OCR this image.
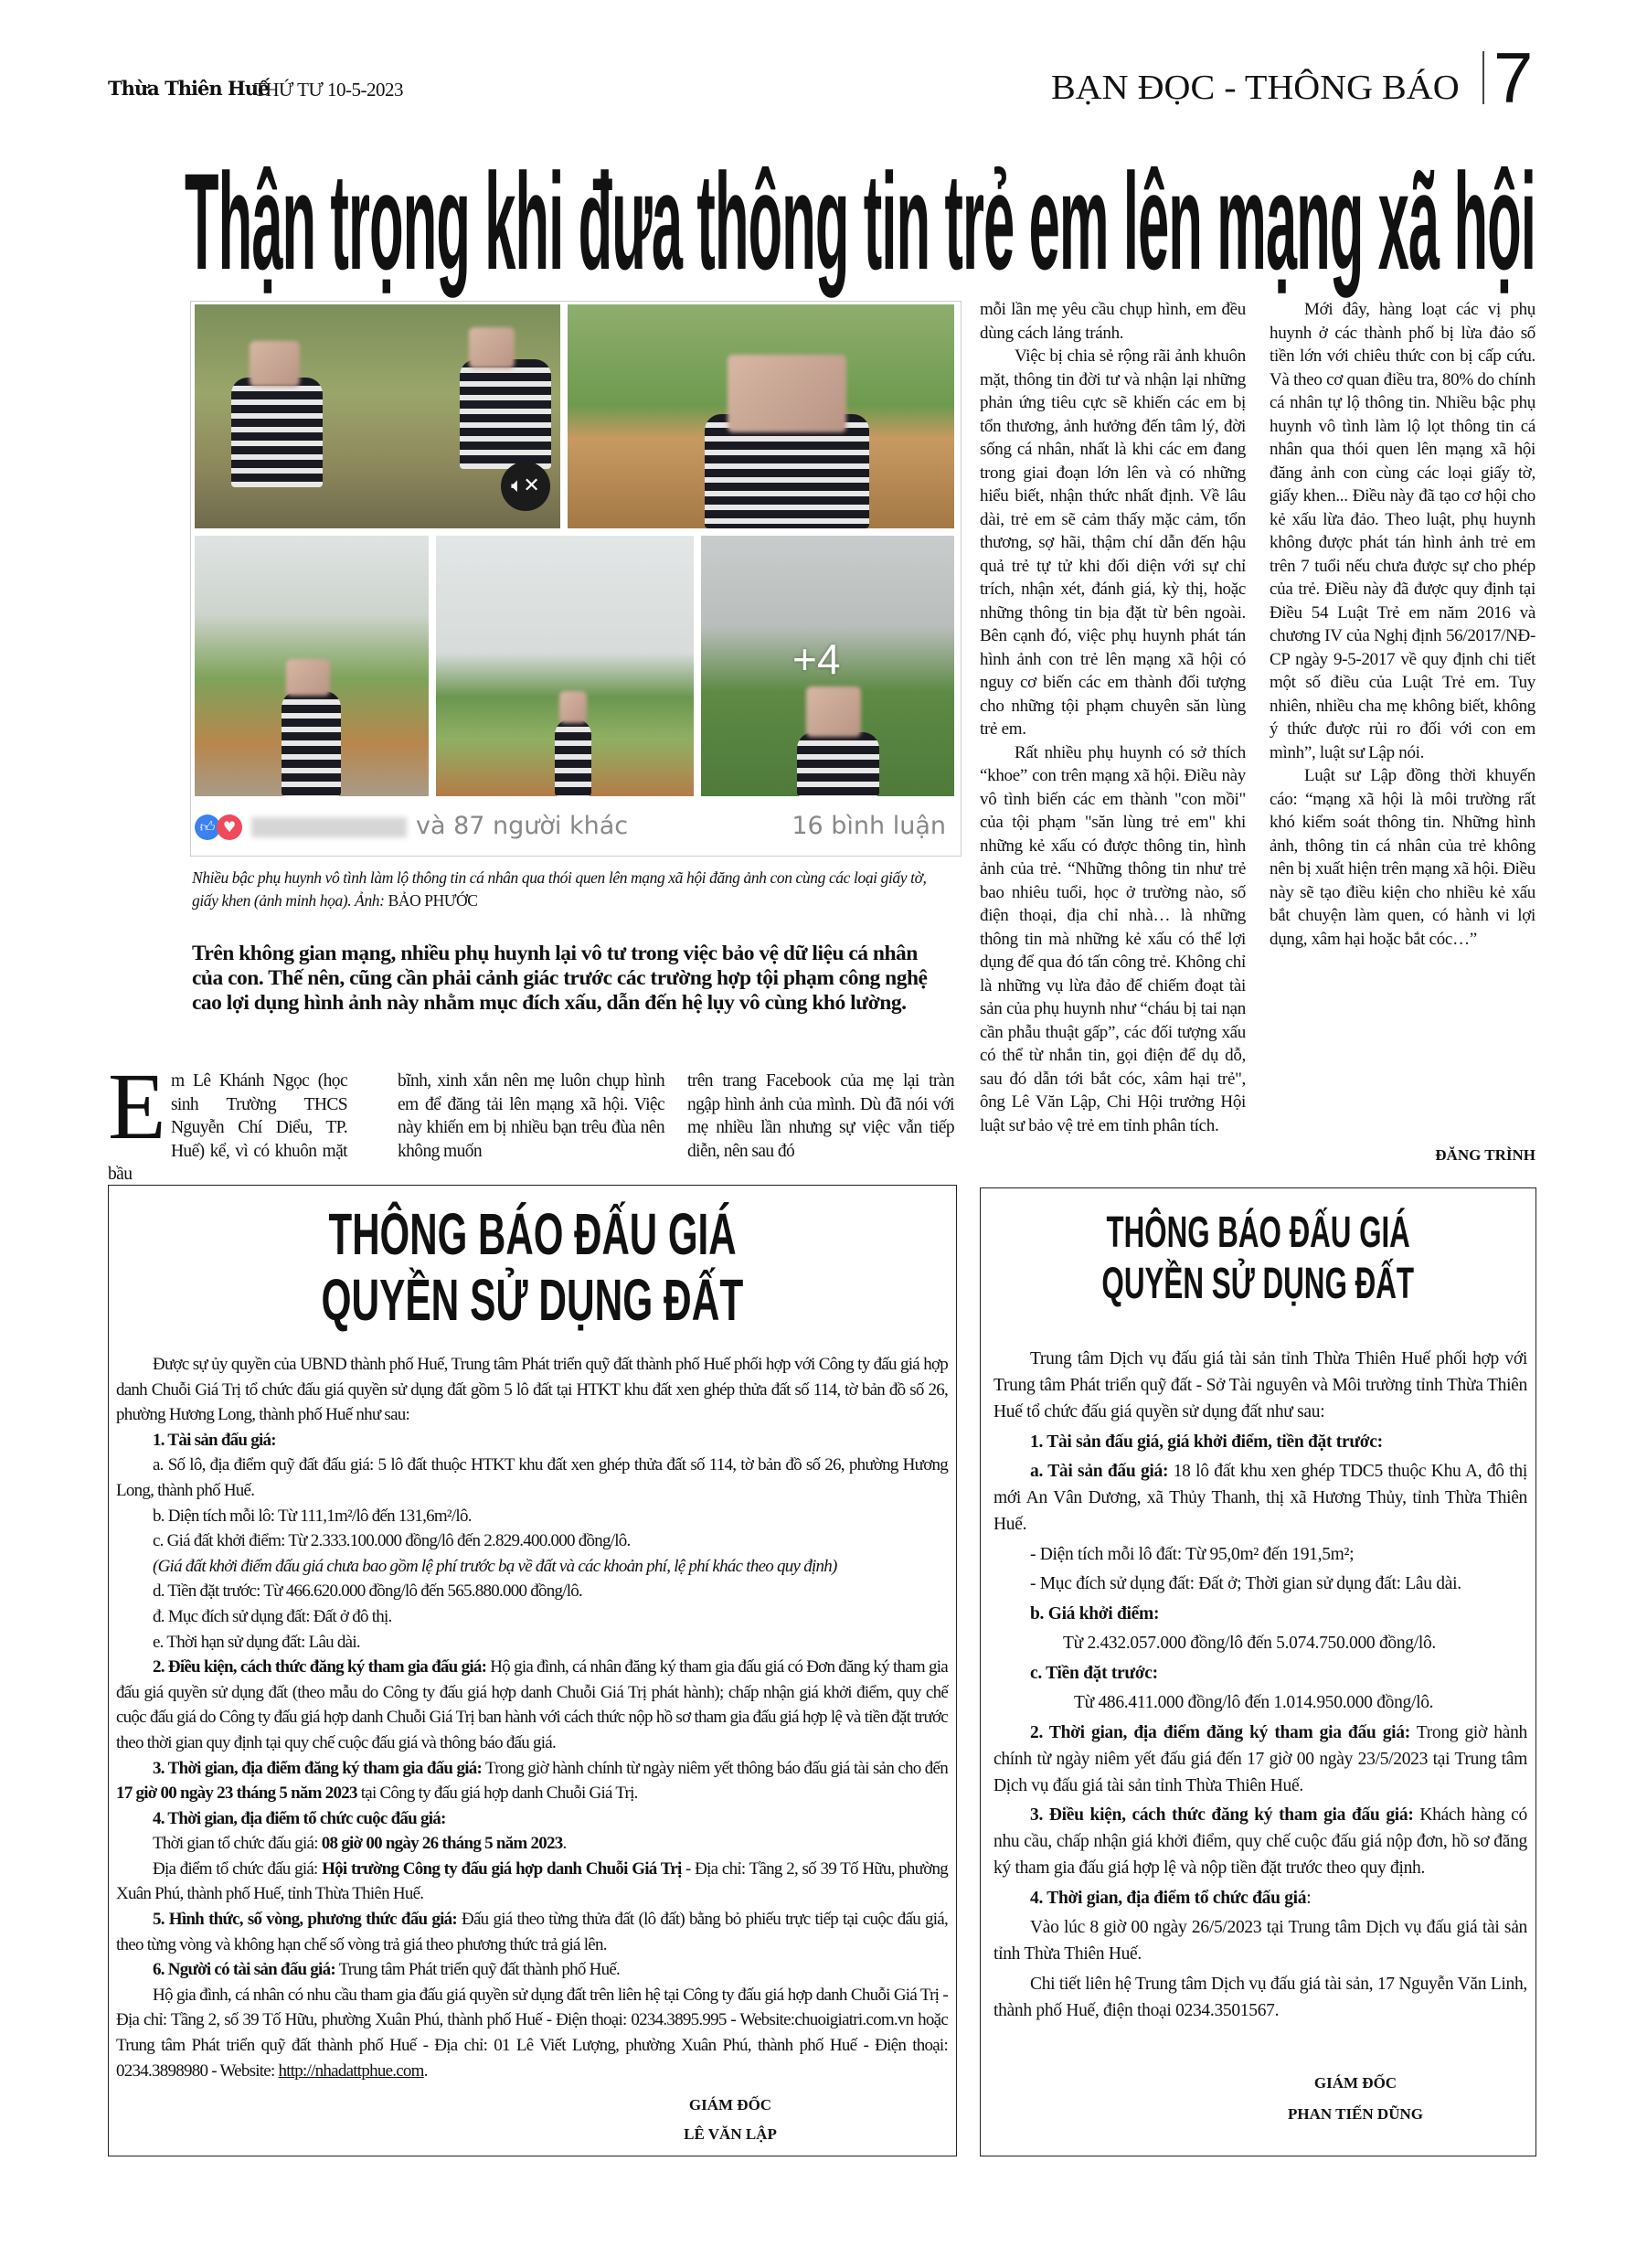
Thừa Thiên Huế
THỨ TƯ 10-5-2023	BẠN ĐỌC - THÔNG BÁO 7
Thận trọng khi đưa thông tin trẻ em lên mạng xã hội
🔈︎✕
+4
👍︎ ♥	và 87 người khác	16 bình luận
Nhiều bậc phụ huynh vô tình làm lộ thông tin cá nhân qua thói quen lên mạng xã hội đăng ảnh con cùng các loại giấy tờ, giấy khen (ảnh minh họa). Ảnh: BẢO PHƯỚC
Trên không gian mạng, nhiều phụ huynh lại vô tư trong việc bảo vệ dữ liệu cá nhân của con. Thế nên, cũng cần phải cảnh giác trước các trường hợp tội phạm công nghệ cao lợi dụng hình ảnh này nhằm mục đích xấu, dẫn đến hệ lụy vô cùng khó lường.
Em Lê Khánh Ngọc (học sinh Trường THCS Nguyễn Chí Diểu, TP. Huế) kể, vì có khuôn mặt bầu
bĩnh, xinh xắn nên mẹ luôn chụp hình em để đăng tải lên mạng xã hội. Việc này khiến em bị nhiều bạn trêu đùa nên không muốn
trên trang Facebook của mẹ lại tràn ngập hình ảnh của mình. Dù đã nói với mẹ nhiều lần nhưng sự việc vẫn tiếp diễn, nên sau đó

mỗi lần mẹ yêu cầu chụp hình, em đều dùng cách lảng tránh.

Việc bị chia sẻ rộng rãi ảnh khuôn mặt, thông tin đời tư và nhận lại những phản ứng tiêu cực sẽ khiến các em bị tổn thương, ảnh hưởng đến tâm lý, đời sống cá nhân, nhất là khi các em đang trong giai đoạn lớn lên và có những hiểu biết, nhận thức nhất định. Về lâu dài, trẻ em sẽ cảm thấy mặc cảm, tổn thương, sợ hãi, thậm chí dẫn đến hậu quả trẻ tự tử khi đối diện với sự chỉ trích, nhận xét, đánh giá, kỳ thị, hoặc những thông tin bịa đặt từ bên ngoài. Bên cạnh đó, việc phụ huynh phát tán hình ảnh con trẻ lên mạng xã hội có nguy cơ biến các em thành đối tượng cho những tội phạm chuyên săn lùng trẻ em.

Rất nhiều phụ huynh có sở thích “khoe” con trên mạng xã hội. Điều này vô tình biến các em thành "con mồi" của tội phạm "săn lùng trẻ em" khi những kẻ xấu có được thông tin, hình ảnh của trẻ. “Những thông tin như trẻ bao nhiêu tuổi, học ở trường nào, số điện thoại, địa chỉ nhà… là những thông tin mà những kẻ xấu có thể lợi dụng để qua đó tấn công trẻ. Không chỉ là những vụ lừa đảo để chiếm đoạt tài sản của phụ huynh như “cháu bị tai nạn cần phẫu thuật gấp”, các đối tượng xấu có thể từ nhắn tin, gọi điện để dụ dỗ, sau đó dẫn tới bắt cóc, xâm hại trẻ", ông Lê Văn Lập, Chi Hội trưởng Hội luật sư bảo vệ trẻ em tỉnh phân tích.

Mới đây, hàng loạt các vị phụ huynh ở các thành phố bị lừa đảo số tiền lớn với chiêu thức con bị cấp cứu. Và theo cơ quan điều tra, 80% do chính cá nhân tự lộ thông tin. Nhiều bậc phụ huynh vô tình làm lộ lọt thông tin cá nhân qua thói quen lên mạng xã hội đăng ảnh con cùng các loại giấy tờ, giấy khen... Điều này đã tạo cơ hội cho kẻ xấu lừa đảo. Theo luật, phụ huynh không được phát tán hình ảnh trẻ em trên 7 tuổi nếu chưa được sự cho phép của trẻ. Điều này đã được quy định tại Điều 54 Luật Trẻ em năm 2016 và chương IV của Nghị định 56/2017/NĐ-CP ngày 9-5-2017 về quy định chi tiết một số điều của Luật Trẻ em. Tuy nhiên, nhiều cha mẹ không biết, không ý thức được rủi ro đối với con em mình”, luật sư Lập nói.

Luật sư Lập đồng thời khuyến cáo: “mạng xã hội là môi trường rất khó kiểm soát thông tin. Những hình ảnh, thông tin cá nhân của trẻ không nên bị xuất hiện trên mạng xã hội. Điều này sẽ tạo điều kiện cho nhiều kẻ xấu bắt chuyện làm quen, có hành vi lợi dụng, xâm hại hoặc bắt cóc…”

ĐĂNG TRÌNH
THÔNG BÁO ĐẤU GIÁ
QUYỀN SỬ DỤNG ĐẤT

Được sự ủy quyền của UBND thành phố Huế, Trung tâm Phát triển quỹ đất thành phố Huế phối hợp với Công ty đấu giá hợp danh Chuỗi Giá Trị tổ chức đấu giá quyền sử dụng đất gồm 5 lô đất tại HTKT khu đất xen ghép thửa đất số 114, tờ bản đồ số 26, phường Hương Long, thành phố Huế như sau:

1. Tài sản đấu giá:

a. Số lô, địa điểm quỹ đất đấu giá: 5 lô đất thuộc HTKT khu đất xen ghép thửa đất số 114, tờ bản đồ số 26, phường Hương Long, thành phố Huế.

b. Diện tích mỗi lô: Từ 111,1m²/lô đến 131,6m²/lô.

c. Giá đất khởi điểm: Từ 2.333.100.000 đồng/lô đến 2.829.400.000 đồng/lô.

(Giá đất khởi điểm đấu giá chưa bao gồm lệ phí trước bạ về đất và các khoản phí, lệ phí khác theo quy định)

d. Tiền đặt trước: Từ 466.620.000 đồng/lô đến 565.880.000 đồng/lô.

đ. Mục đích sử dụng đất: Đất ở đô thị.

e. Thời hạn sử dụng đất: Lâu dài.

2. Điều kiện, cách thức đăng ký tham gia đấu giá: Hộ gia đình, cá nhân đăng ký tham gia đấu giá có Đơn đăng ký tham gia đấu giá quyền sử dụng đất (theo mẫu do Công ty đấu giá hợp danh Chuỗi Giá Trị phát hành); chấp nhận giá khởi điểm, quy chế cuộc đấu giá do Công ty đấu giá hợp danh Chuỗi Giá Trị ban hành với cách thức nộp hồ sơ tham gia đấu giá hợp lệ và tiền đặt trước theo thời gian quy định tại quy chế cuộc đấu giá và thông báo đấu giá.

3. Thời gian, địa điểm đăng ký tham gia đấu giá: Trong giờ hành chính từ ngày niêm yết thông báo đấu giá tài sản cho đến 17 giờ 00 ngày 23 tháng 5 năm 2023 tại Công ty đấu giá hợp danh Chuỗi Giá Trị.

4. Thời gian, địa điểm tổ chức cuộc đấu giá:

Thời gian tổ chức đấu giá: 08 giờ 00 ngày 26 tháng 5 năm 2023.

Địa điểm tổ chức đấu giá: Hội trường Công ty đấu giá hợp danh Chuỗi Giá Trị - Địa chỉ: Tầng 2, số 39 Tố Hữu, phường Xuân Phú, thành phố Huế, tỉnh Thừa Thiên Huế.

5. Hình thức, số vòng, phương thức đấu giá: Đấu giá theo từng thửa đất (lô đất) bằng bỏ phiếu trực tiếp tại cuộc đấu giá, theo từng vòng và không hạn chế số vòng trả giá theo phương thức trả giá lên.

6. Người có tài sản đấu giá: Trung tâm Phát triển quỹ đất thành phố Huế.

Hộ gia đình, cá nhân có nhu cầu tham gia đấu giá quyền sử dụng đất trên liên hệ tại Công ty đấu giá hợp danh Chuỗi Giá Trị - Địa chỉ: Tầng 2, số 39 Tố Hữu, phường Xuân Phú, thành phố Huế - Điện thoại: 0234.3895.995 - Website:chuoigiatri.com.vn hoặc Trung tâm Phát triển quỹ đất thành phố Huế - Địa chỉ: 01 Lê Viết Lượng, phường Xuân Phú, thành phố Huế - Điện thoại: 0234.3898980 - Website: http://nhadattphue.com.

GIÁM ĐỐC
LÊ VĂN LẬP
THÔNG BÁO ĐẤU GIÁ
QUYỀN SỬ DỤNG ĐẤT

Trung tâm Dịch vụ đấu giá tài sản tỉnh Thừa Thiên Huế phối hợp với Trung tâm Phát triển quỹ đất - Sở Tài nguyên và Môi trường tỉnh Thừa Thiên Huế tổ chức đấu giá quyền sử dụng đất như sau:

1. Tài sản đấu giá, giá khởi điểm, tiền đặt trước:

a. Tài sản đấu giá: 18 lô đất khu xen ghép TDC5 thuộc Khu A, đô thị mới An Vân Dương, xã Thủy Thanh, thị xã Hương Thủy, tỉnh Thừa Thiên Huế.

- Diện tích mỗi lô đất: Từ 95,0m² đến 191,5m²;

- Mục đích sử dụng đất: Đất ở; Thời gian sử dụng đất: Lâu dài.

b. Giá khởi điểm:

Từ 2.432.057.000 đồng/lô đến 5.074.750.000 đồng/lô.

c. Tiền đặt trước:

Từ 486.411.000 đồng/lô đến 1.014.950.000 đồng/lô.

2. Thời gian, địa điểm đăng ký tham gia đấu giá: Trong giờ hành chính từ ngày niêm yết đấu giá đến 17 giờ 00 ngày 23/5/2023 tại Trung tâm Dịch vụ đấu giá tài sản tỉnh Thừa Thiên Huế.

3. Điều kiện, cách thức đăng ký tham gia đấu giá: Khách hàng có nhu cầu, chấp nhận giá khởi điểm, quy chế cuộc đấu giá nộp đơn, hồ sơ đăng ký tham gia đấu giá hợp lệ và nộp tiền đặt trước theo quy định.

4. Thời gian, địa điểm tổ chức đấu giá:

Vào lúc 8 giờ 00 ngày 26/5/2023 tại Trung tâm Dịch vụ đấu giá tài sản tỉnh Thừa Thiên Huế.

Chi tiết liên hệ Trung tâm Dịch vụ đấu giá tài sản, 17 Nguyễn Văn Linh, thành phố Huế, điện thoại 0234.3501567.

GIÁM ĐỐC
PHAN TIẾN DŨNG
